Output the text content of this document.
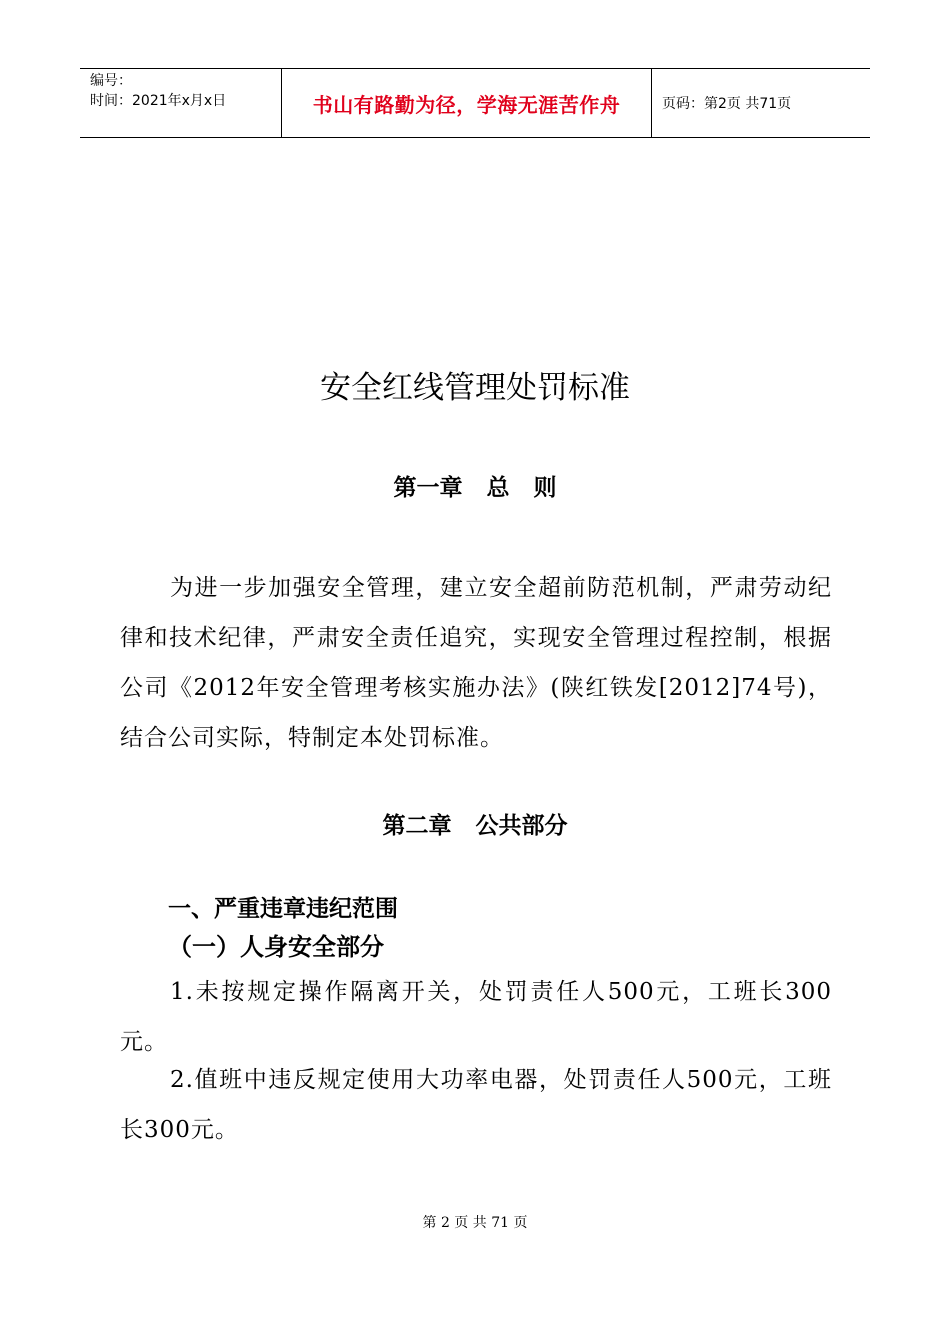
编号：
时间：2021年x月x日	书山有路勤为径，学海无涯苦作舟	页码：第2页 共71页
安全红线管理处罚标准
第一章   总   则
为进一步加强安全管理，建立安全超前防范机制，严肃劳动纪律和技术纪律，严肃安全责任追究，实现安全管理过程控制，根据公司《2012年安全管理考核实施办法》(陕红铁发[2012]74号)，结合公司实际，特制定本处罚标准。
第二章   公共部分
一、严重违章违纪范围
（一）人身安全部分
1.未按规定操作隔离开关，处罚责任人500元，工班长300元。
2.值班中违反规定使用大功率电器，处罚责任人500元，工班长300元。
第 2 页 共 71 页
